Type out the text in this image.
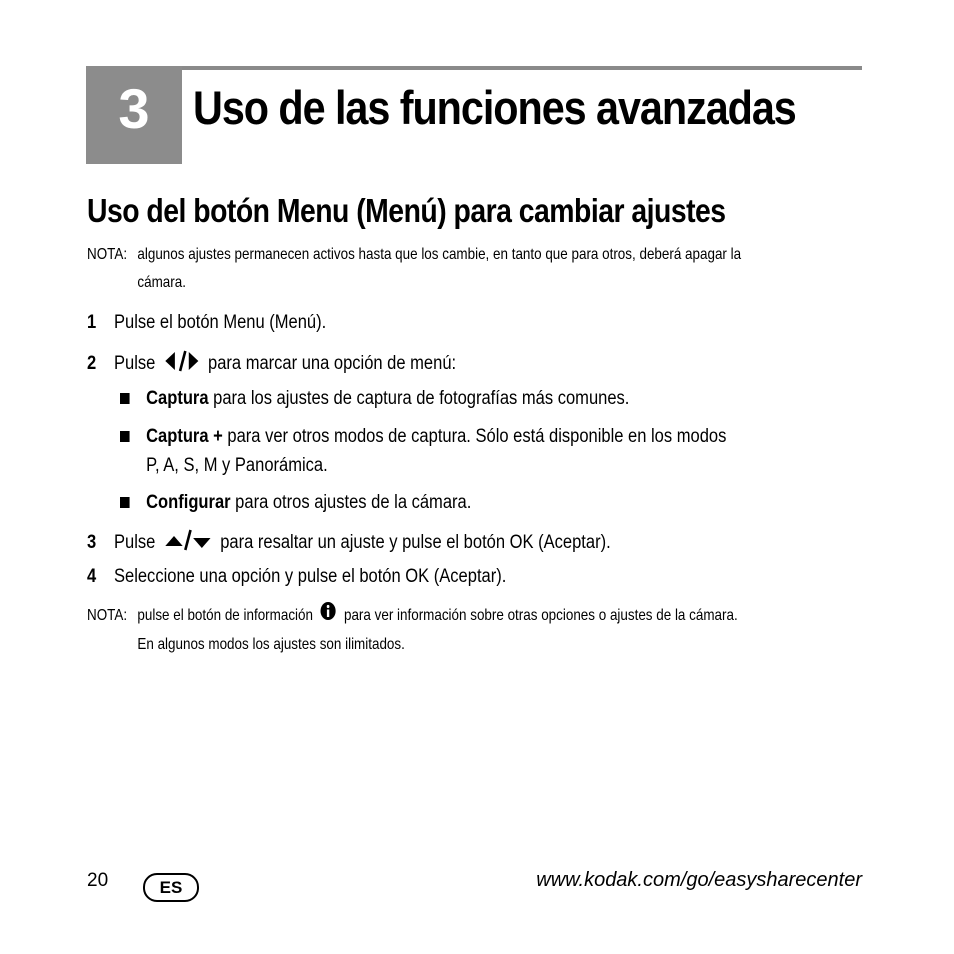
3 Uso de las funciones avanzadas
Uso del botón Menu (Menú) para cambiar ajustes
NOTA: algunos ajustes permanecen activos hasta que los cambie, en tanto que para otros, deberá apagar la
cámara.
1 Pulse el botón Menu (Menú).
2 Pulse	para marcar una opción de menú:
Captura para los ajustes de captura de fotografías más comunes.
Captura + para ver otros modos de captura. Sólo está disponible en los modos
P, A, S, M y Panorámica.
Configurar para otros ajustes de la cámara.
3 Pulse	para resaltar un ajuste y pulse el botón OK (Aceptar).
4 Seleccione una opción y pulse el botón OK (Aceptar).
NOTA: pulse el botón de información para ver información sobre otras opciones o ajustes de la cámara.
En algunos modos los ajustes son ilimitados.
20	ES	www.kodak.com/go/easysharecenter
